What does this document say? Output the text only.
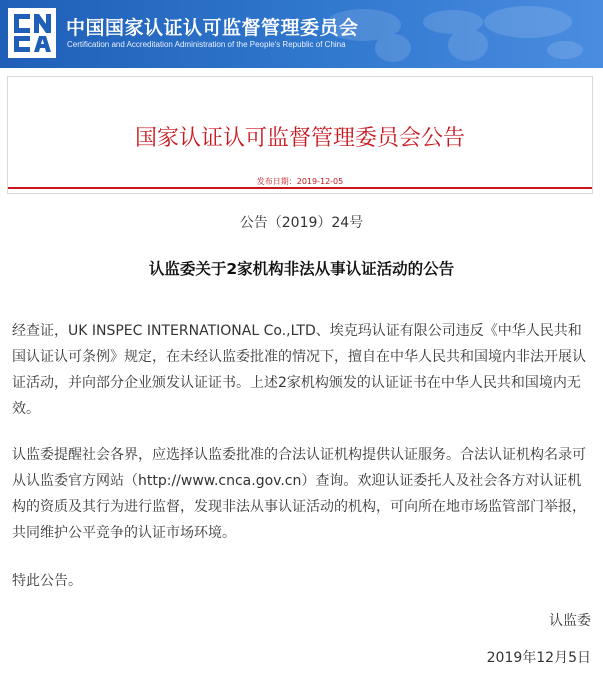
中国国家认证认可监督管理委员会
Certification and Accreditation Administration of the People's Republic of China
国家认证认可监督管理委员会公告
发布日期：2019-12-05
公告（2019）24号
认监委关于2家机构非法从事认证活动的公告

经查证，UK INSPEC INTERNATIONAL Co.,LTD、埃克玛认证有限公司违反《中华人民共和国认证认可条例》规定，在未经认监委批准的情况下，擅自在中华人民共和国境内非法开展认证活动，并向部分企业颁发认证证书。上述2家机构颁发的认证证书在中华人民共和国境内无效。

认监委提醒社会各界，应选择认监委批准的合法认证机构提供认证服务。合法认证机构名录可从认监委官方网站（http://www.cnca.gov.cn）查询。欢迎认证委托人及社会各方对认证机构的资质及其行为进行监督，发现非法从事认证活动的机构，可向所在地市场监管部门举报，共同维护公平竞争的认证市场环境。

特此公告。

认监委
2019年12月5日
